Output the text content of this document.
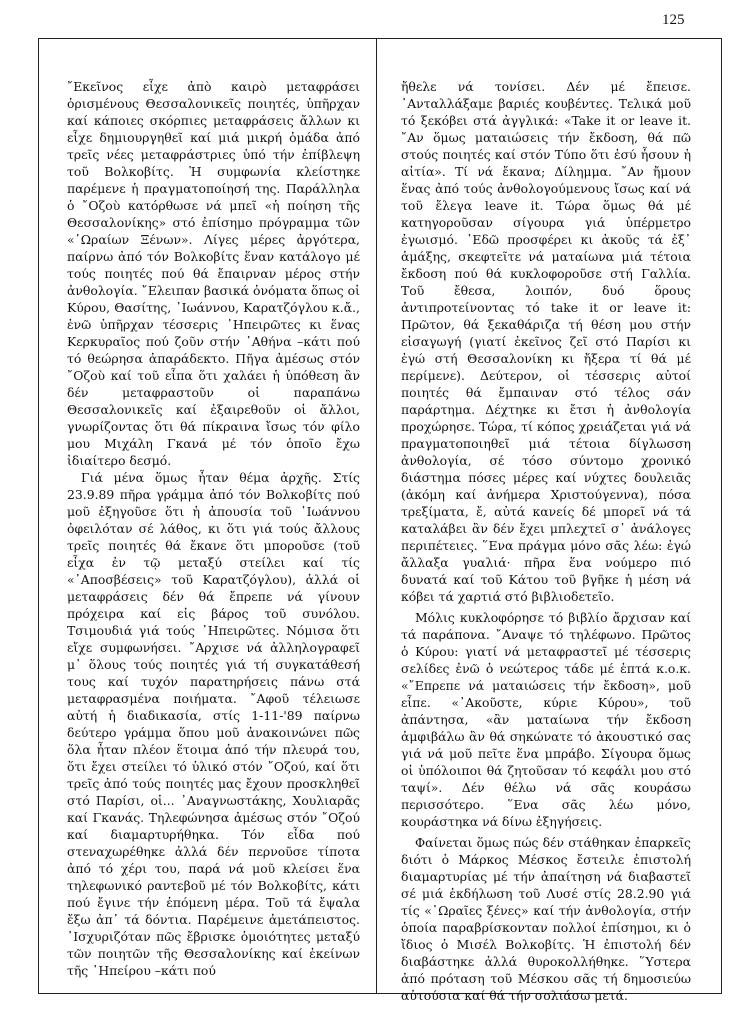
125

῎Εκεῖνος εἶχε ἀπὸ καιρὸ μεταφράσει ὁρισμένους Θεσσαλονικεῖς ποιητές, ὑπῆρχαν καί κάποιες σκόρπιες μεταφράσεις ἄλλων κι εἶχε δημιουργηθεῖ καί μιά μικρή ὁμάδα ἀπό τρεῖς νέες μεταφράστριες ὑπό τήν ἐπίβλεψη τοῦ Βολκοβίτς. Ἡ συμφωνία κλείστηκε παρέμενε ἡ πραγματοποίησή της. Παράλληλα ὁ ῎Οζοὺ κατόρθωσε νά μπεῖ «ἡ ποίηση τῆς Θεσσαλονίκης» στό ἐπίσημο πρόγραμμα τῶν «῾Ωραίων Ξένων». Λίγες μέρες ἀργότερα, παίρνω ἀπό τόν Βολκοβίτς ἕναν κατάλογο μέ τούς ποιητές πού θά ἔπαιρναν μέρος στήν ἀνθολογία. ῎Ελειπαν βασικά ὀνόματα ὅπως οἱ Κύρου, Θασίτης, ᾿Ιωάννου, Καρατζόγλου κ.ἄ., ἐνῶ ὑπῆρχαν τέσσερις ᾿Ηπειρῶτες κι ἕνας Κερκυραῖος πού ζοῦν στήν ᾿Αθήνα –κάτι πού τό θεώρησα ἀπαράδεκτο. Πῆγα ἀμέσως στόν ῎Οζοὺ καί τοῦ εἶπα ὅτι χαλάει ἡ ὑπόθεση ἂν δέν μεταφραστοῦν οἱ παραπάνω Θεσσαλονικεῖς καί ἐξαιρεθοῦν οἱ ἄλλοι, γνωρίζοντας ὅτι θά πίκραινα ἴσως τόν φίλο μου Μιχάλη Γκανά μέ τόν ὁποῖο ἔχω ἰδιαίτερο δεσμό.

Γιά μένα ὅμως ἦταν θέμα ἀρχῆς. Στίς 23.9.89 πῆρα γράμμα ἀπό τόν Βολκοβίτς πού μοῦ ἐξηγοῦσε ὅτι ἡ ἀπουσία τοῦ ᾿Ιωάννου ὀφειλόταν σέ λάθος, κι ὅτι γιά τούς ἄλλους τρεῖς ποιητές θά ἔκανε ὅτι μποροῦσε (τοῦ εἶχα ἐν τῷ μεταξύ στείλει καί τίς «᾿Αποσβέσεις» τοῦ Καρατζόγλου), ἀλλά οἱ μεταφράσεις δέν θά ἔπρεπε νά γίνουν πρόχειρα καί εἰς βάρος τοῦ συνόλου. Τσιμουδιά γιά τούς ᾿Ηπειρῶτες. Νόμισα ὅτι εἴχε συμφωνήσει. ῎Αρχισε νά ἀλληλογραφεῖ μ᾿ ὅλους τούς ποιητές γιά τή συγκατάθεσή τους καί τυχόν παρατηρήσεις πάνω στά μεταφρασμένα ποιήματα. ῎Αφοῦ τέλειωσε αὐτή ἡ διαδικασία, στίς 1-11-'89 παίρνω δεύτερο γράμμα ὅπου μοῦ ἀνακοινώνει πῶς ὅλα ἦταν πλέον ἕτοιμα ἀπό τήν πλευρά του, ὅτι ἔχει στείλει τό ὑλικό στόν ῎Οζού, καί ὅτι τρεῖς ἀπό τούς ποιητές μας ἔχουν προσκληθεῖ στό Παρίσι, οἱ... ᾿Αναγνωστάκης, Χουλιαρᾶς καί Γκανάς. Τηλεφώνησα ἀμέσως στόν ῎Οζού καί διαμαρτυρήθηκα. Τόν εἶδα πού στεναχωρέθηκε ἀλλά δέν περνοῦσε τίποτα ἀπό τό χέρι του, παρά νά μοῦ κλείσει ἕνα τηλεφωνικό ραντεβοῦ μέ τόν Βολκοβίτς, κάτι πού ἔγινε τήν ἑπόμενη μέρα. Τοῦ τά ἔψαλα ἔξω ἀπ᾿ τά δόντια. Παρέμεινε ἀμετάπειστος. ᾿Ισχυριζόταν πῶς ἔβρισκε ὁμοιότητες μεταξύ τῶν ποιητῶν τῆς Θεσσαλονίκης καί ἐκείνων τῆς ᾿Ηπείρου –κάτι πού

ἤθελε νά τονίσει. Δέν μέ ἔπεισε. ᾿Ανταλλάξαμε βαριές κουβέντες. Τελικά μοῦ τό ξεκόβει στά ἀγγλικά: «Take it or leave it. ῎Αν ὅμως ματαιώσεις τήν ἔκδοση, θά πῶ στούς ποιητές καί στόν Τύπο ὅτι ἐσύ ἦσουν ἡ αἰτία». Τί νά ἔκανα; Δίλημμα. ῎Αν ἤμουν ἕνας ἀπό τούς ἀνθολογούμενους ἴσως καί νά τοῦ ἔλεγα leave it. Τώρα ὅμως θά μέ κατηγοροῦσαν σίγουρα γιά ὑπέρμετρο ἐγωισμό. ᾿Εδῶ προσφέρει κι ἀκοῦς τά ἐξ᾿ ἁμάξης, σκεφτεῖτε νά ματαίωνα μιά τέτοια ἔκδοση πού θά κυκλοφοροῦσε στή Γαλλία. Τοῦ ἔθεσα, λοιπόν, δυό ὅρους ἀντιπροτείνοντας τό take it or leave it: Πρῶτον, θά ξεκαθάριζα τή θέση μου στήν εἰσαγωγή (γιατί ἐκεῖνος ζεῖ στό Παρίσι κι ἐγώ στή Θεσσαλονίκη κι ἤξερα τί θά μέ περίμενε). Δεύτερον, οἱ τέσσερις αὐτοί ποιητές θά ἔμπαιναν στό τέλος σάν παράρτημα. Δέχτηκε κι ἔτσι ἡ ἀνθολογία προχώρησε. Τώρα, τί κόπος χρειάζεται γιά νά πραγματοποιηθεῖ μιά τέτοια δίγλωσση ἀνθολογία, σέ τόσο σύντομο χρονικό διάστημα πόσες μέρες καί νύχτες δουλειᾶς (ἀκόμη καί ἀνήμερα Χριστούγεννα), πόσα τρεξίματα, ἔ, αὐτά κανείς δέ μπορεῖ νά τά καταλάβει ἂν δέν ἔχει μπλεχτεῖ σ᾿ ἀνάλογες περιπέτειες. ῞Ενα πράγμα μόνο σᾶς λέω: ἐγώ ἄλλαξα γυαλιά· πῆρα ἕνα νούμερο πιό δυνατά καί τοῦ Κάτου τοῦ βγῆκε ἡ μέση νά κόβει τά χαρτιά στό βιβλιοδετεῖο.

Μόλις κυκλοφόρησε τό βιβλίο ἄρχισαν καί τά παράπονα. ῎Αναψε τό τηλέφωνο. Πρῶτος ὁ Κύρου: γιατί νά μεταφραστεῖ μέ τέσσερις σελίδες ἐνῶ ὁ νεώτερος τάδε μέ ἑπτά κ.ο.κ. «῎Επρεπε νά ματαιώσεις τήν ἔκδοση», μοῦ εἶπε. «᾿Ακοῦστε, κύριε Κύρου», τοῦ ἀπάντησα, «ἂν ματαίωνα τήν ἔκδοση ἀμφιβάλω ἂν θά σηκώνατε τό ἀκουστικό σας γιά νά μοῦ πεῖτε ἕνα μπράβο. Σίγουρα ὅμως οἱ ὑπόλοιποι θά ζητοῦσαν τό κεφάλι μου στό ταψί». Δέν θέλω νά σᾶς κουράσω περισσότερο. ῞Ενα σᾶς λέω μόνο, κουράστηκα νά δίνω ἐξηγήσεις.

Φαίνεται ὅμως πώς δέν στάθηκαν ἐπαρκεῖς διότι ὁ Μάρκος Μέσκος ἔστειλε ἐπιστολή διαμαρτυρίας μέ τήν ἀπαίτηση νά διαβαστεῖ σέ μιά ἐκδήλωση τοῦ Λυσέ στίς 28.2.90 γιά τίς «῾Ωραῖες ξένες» καί τήν ἀνθολογία, στήν ὁποία παραβρίσκονταν πολλοί ἐπίσημοι, κι ὁ ἴδιος ὁ Μισέλ Βολκοβίτς. Ἡ ἐπιστολή δέν διαβάστηκε ἀλλά θυροκολλήθηκε. ῞Υστερα ἀπό πρόταση τοῦ Μέσκου σᾶς τή δημοσιεύω αὐτούσια καί θά τήν σολιάσω μετά.
